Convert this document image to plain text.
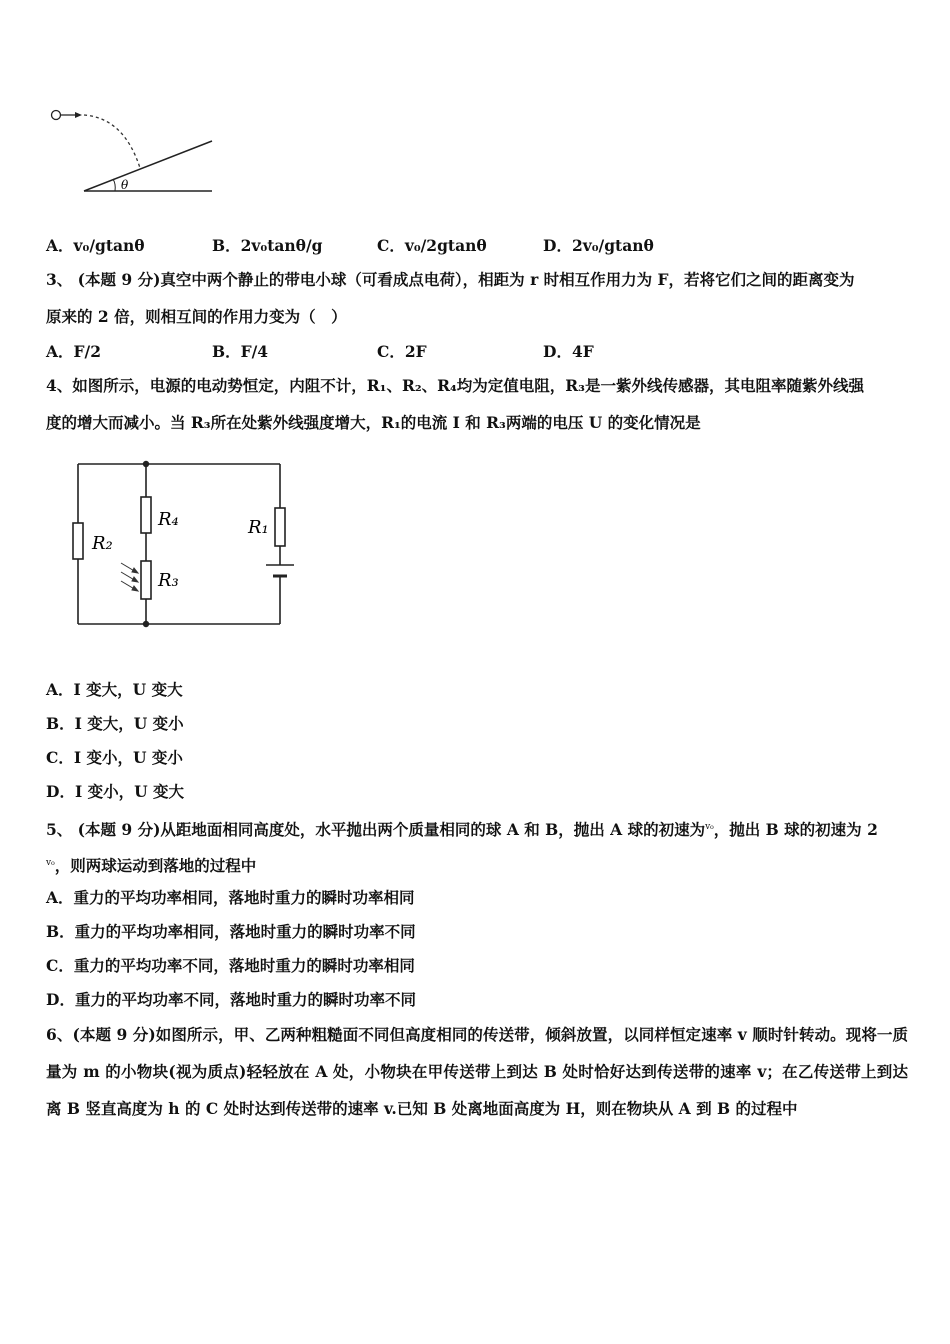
θ
A．v₀/gtanθ	B．2v₀tanθ/g	C．v₀/2gtanθ	D．2v₀/gtanθ
3、 (本题 9 分)真空中两个静止的带电小球（可看成点电荷），相距为 r 时相互作用力为 F，若将它们之间的距离变为
原来的 2 倍，则相互间的作用力变为（　）
A．F/2	B．F/4	C．2F	D．4F
4、如图所示，电源的电动势恒定，内阻不计，R₁、R₂、R₄均为定值电阻，R₃是一紫外线传感器，其电阻率随紫外线强
度的增大而减小。当 R₃所在处紫外线强度增大，R₁的电流 I 和 R₃两端的电压 U 的变化情况是
R₂
R₄
R₃
R₁
A．I 变大，U 变大
B．I 变大，U 变小
C．I 变小，U 变小
D．I 变小，U 变大
5、 (本题 9 分)从距地面相同高度处，水平抛出两个质量相同的球 A 和 B，抛出 A 球的初速为$^{v_0}$，抛出 B 球的初速为 2
$^{v_0}$，则两球运动到落地的过程中
A．重力的平均功率相同，落地时重力的瞬时功率相同
B．重力的平均功率相同，落地时重力的瞬时功率不同
C．重力的平均功率不同，落地时重力的瞬时功率相同
D．重力的平均功率不同，落地时重力的瞬时功率不同
6、(本题 9 分)如图所示，甲、乙两种粗糙面不同但高度相同的传送带，倾斜放置，以同样恒定速率 v 顺时针转动。现将一质量为 m 的小物块(视为质点)轻轻放在 A 处，小物块在甲传送带上到达 B 处时恰好达到传送带的速率 v；在乙传送带上到达离 B 竖直高度为 h 的 C 处时达到传送带的速率 v.已知 B 处离地面高度为 H，则在物块从 A 到 B 的过程中
